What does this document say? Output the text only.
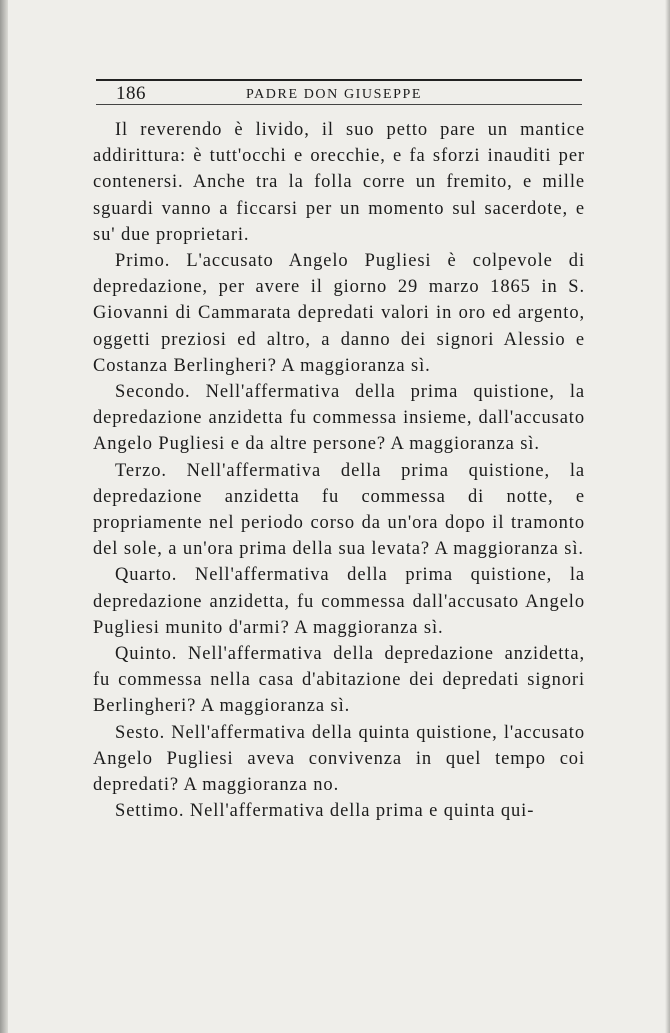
186	PADRE DON GIUSEPPE

Il reverendo è livido, il suo petto pare un mantice addirittura: è tutt'occhi e orecchie, e fa sforzi inauditi per contenersi. Anche tra la folla corre un fremito, e mille sguardi vanno a ficcarsi per un momento sul sacerdote, e su' due proprietari.

Primo. L'accusato Angelo Pugliesi è colpevole di depredazione, per avere il giorno 29 marzo 1865 in S. Giovanni di Cammarata depredati valori in oro ed argento, oggetti preziosi ed altro, a danno dei signori Alessio e Costanza Berlingheri? A maggioranza sì.

Secondo. Nell'affermativa della prima quistione, la depredazione anzidetta fu commessa insieme, dall'accusato Angelo Pugliesi e da altre persone? A maggioranza sì.

Terzo. Nell'affermativa della prima quistione, la depredazione anzidetta fu commessa di notte, e propriamente nel periodo corso da un'ora dopo il tramonto del sole, a un'ora prima della sua levata? A maggioranza sì.

Quarto. Nell'affermativa della prima quistione, la depredazione anzidetta, fu commessa dall'accusato Angelo Pugliesi munito d'armi? A maggioranza sì.

Quinto. Nell'affermativa della depredazione anzidetta, fu commessa nella casa d'abitazione dei depredati signori Berlingheri? A maggioranza sì.

Sesto. Nell'affermativa della quinta quistione, l'accusato Angelo Pugliesi aveva convivenza in quel tempo coi depredati? A maggioranza no.

Settimo. Nell'affermativa della prima e quinta qui-
